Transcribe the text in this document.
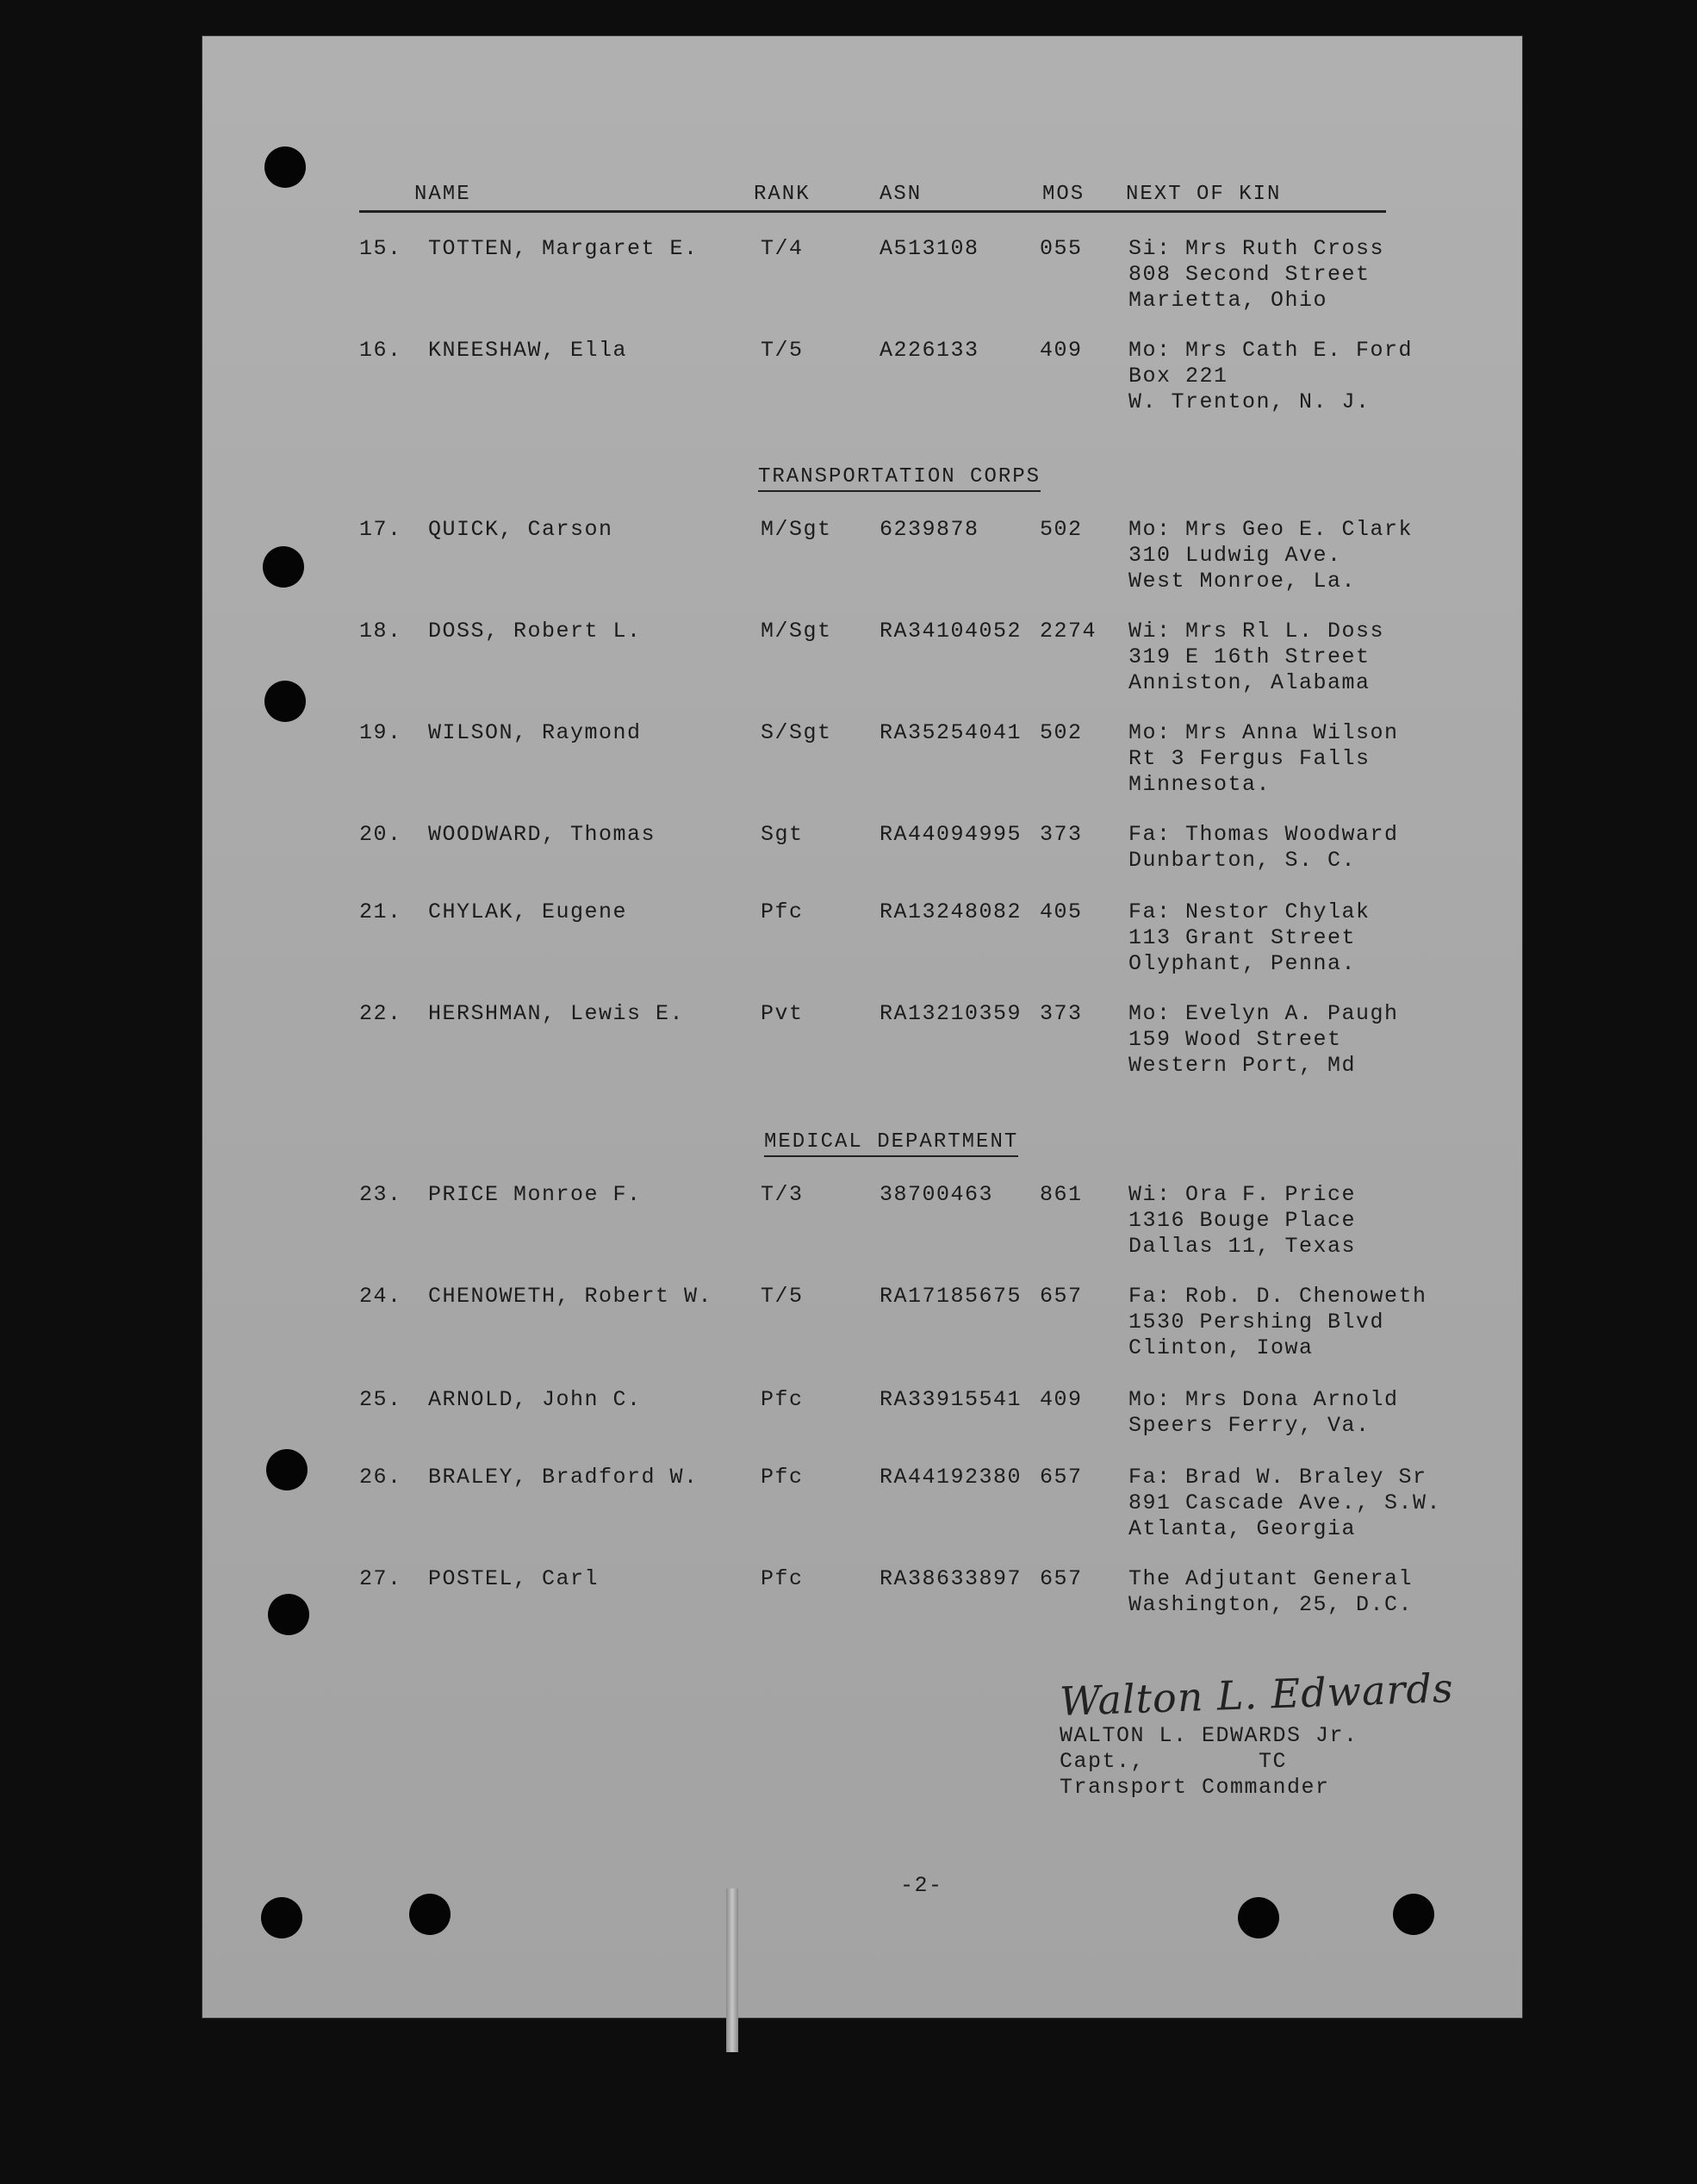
NAME	RANK	ASN	MOS NEXT OF KIN
TRANSPORTATION CORPS
MEDICAL DEPARTMENT
15. TOTTEN, Margaret E.	T/4	A513108	055 Si: Mrs Ruth Cross
808 Second Street
Marietta, Ohio
16. KNEESHAW, Ella	T/5	A226133	409 Mo: Mrs Cath E. Ford
Box 221
W. Trenton, N. J.
17. QUICK, Carson	M/Sgt 6239878	502 Mo: Mrs Geo E. Clark
310 Ludwig Ave.
West Monroe, La.
18. DOSS, Robert L.	M/Sgt RA34104052 2274 Wi: Mrs Rl L. Doss
319 E 16th Street
Anniston, Alabama
19. WILSON, Raymond	S/Sgt RA35254041 502 Mo: Mrs Anna Wilson
Rt 3 Fergus Falls
Minnesota.
20. WOODWARD, Thomas	Sgt	RA44094995 373 Fa: Thomas Woodward
Dunbarton, S. C.
21. CHYLAK, Eugene	Pfc	RA13248082 405 Fa: Nestor Chylak
113 Grant Street
Olyphant, Penna.
22. HERSHMAN, Lewis E.	Pvt	RA13210359 373 Mo: Evelyn A. Paugh
159 Wood Street
Western Port, Md
23. PRICE Monroe F.	T/3	38700463 861 Wi: Ora F. Price
1316 Bouge Place
Dallas 11, Texas
24. CHENOWETH, Robert W. T/5	RA17185675 657 Fa: Rob. D. Chenoweth
1530 Pershing Blvd
Clinton, Iowa
25. ARNOLD, John C.	Pfc	RA33915541 409 Mo: Mrs Dona Arnold
Speers Ferry, Va.
26. BRALEY, Bradford W.	Pfc	RA44192380 657 Fa: Brad W. Braley Sr
891 Cascade Ave., S.W.
Atlanta, Georgia
27. POSTEL, Carl	Pfc	RA38633897 657 The Adjutant General
Washington, 25, D.C.
Walton L. Edwards
WALTON L. EDWARDS Jr.
Capt.,        TC
Transport Commander
-2-
